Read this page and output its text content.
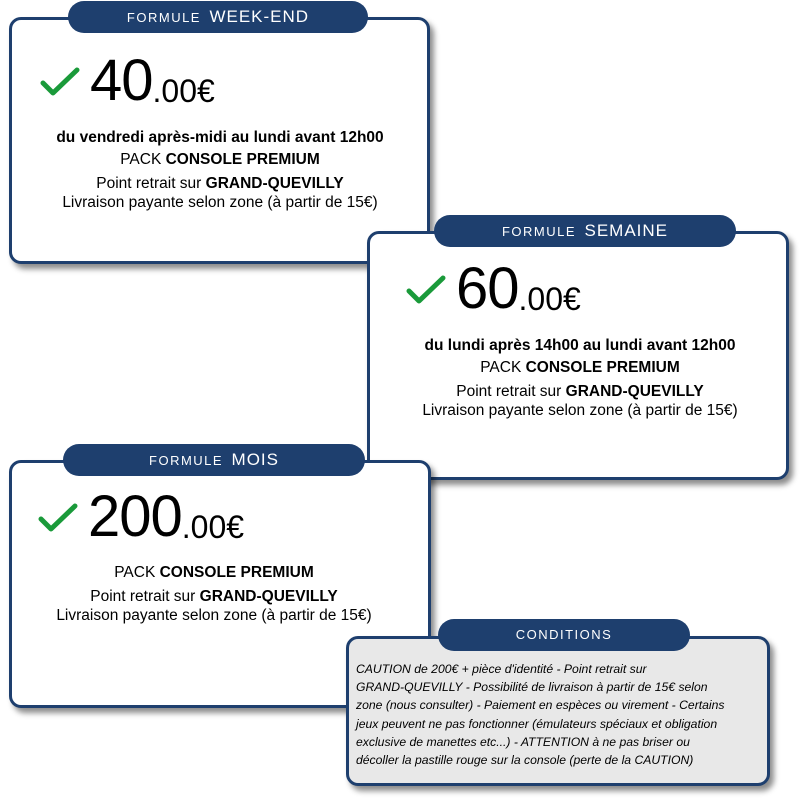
FORMULE WEEK-END
40 .00€
du vendredi après-midi au lundi avant 12h00
PACK CONSOLE PREMIUM
Point retrait sur GRAND-QUEVILLY
Livraison payante selon zone (à partir de 15€)
FORMULE SEMAINE
60 .00€
du lundi après 14h00 au lundi avant 12h00
PACK CONSOLE PREMIUM
Point retrait sur GRAND-QUEVILLY
Livraison payante selon zone (à partir de 15€)
FORMULE MOIS
200 .00€
PACK CONSOLE PREMIUM
Point retrait sur GRAND-QUEVILLY
Livraison payante selon zone (à partir de 15€)
CAUTION de 200€ + pièce d'identité - Point retrait sur
GRAND-QUEVILLY - Possibilité de livraison à partir de 15€ selon
zone (nous consulter) - Paiement en espèces ou virement - Certains
jeux peuvent ne pas fonctionner (émulateurs spéciaux et obligation
exclusive de manettes etc...) - ATTENTION à ne pas briser ou
décoller la pastille rouge sur la console (perte de la CAUTION)
CONDITIONS
